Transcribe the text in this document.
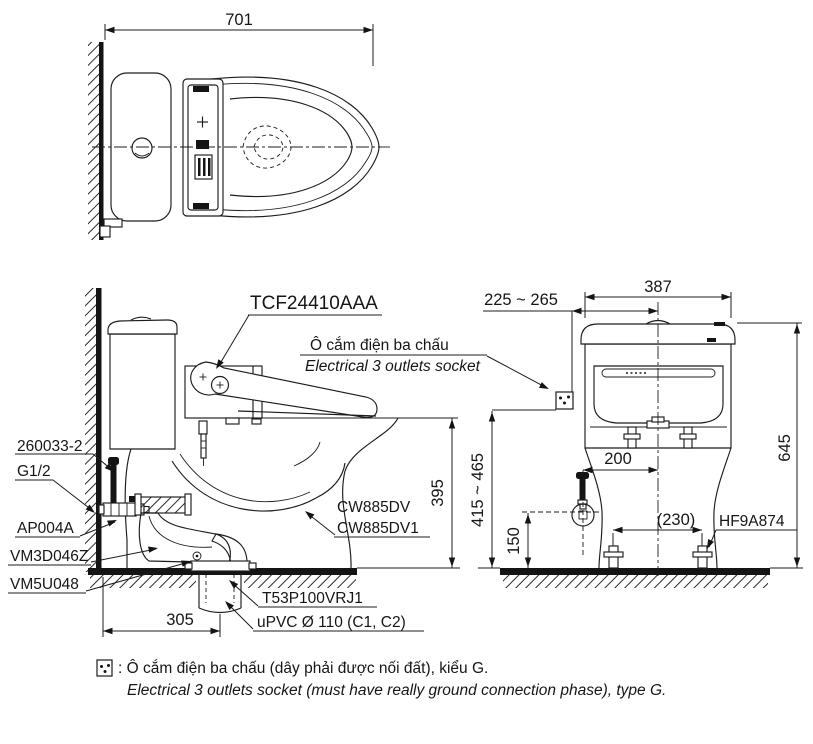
701
TCF24410AAA
Ô cắm điện ba chấu
Electrical 3 outlets socket
260033-2
G1/2
AP004A
VM3D046Z
VM5U048
CW885DV
CW885DV1
T53P100VRJ1
uPVC Ø 110 (C1, C2)
305
395
387
225 ~ 265
415 ~ 465
150
200
(230) HF9A874
645
: Ô cắm điện ba chấu (dây phải được nối đất), kiểu G.
Electrical 3 outlets socket (must have really ground connection phase), type G.
